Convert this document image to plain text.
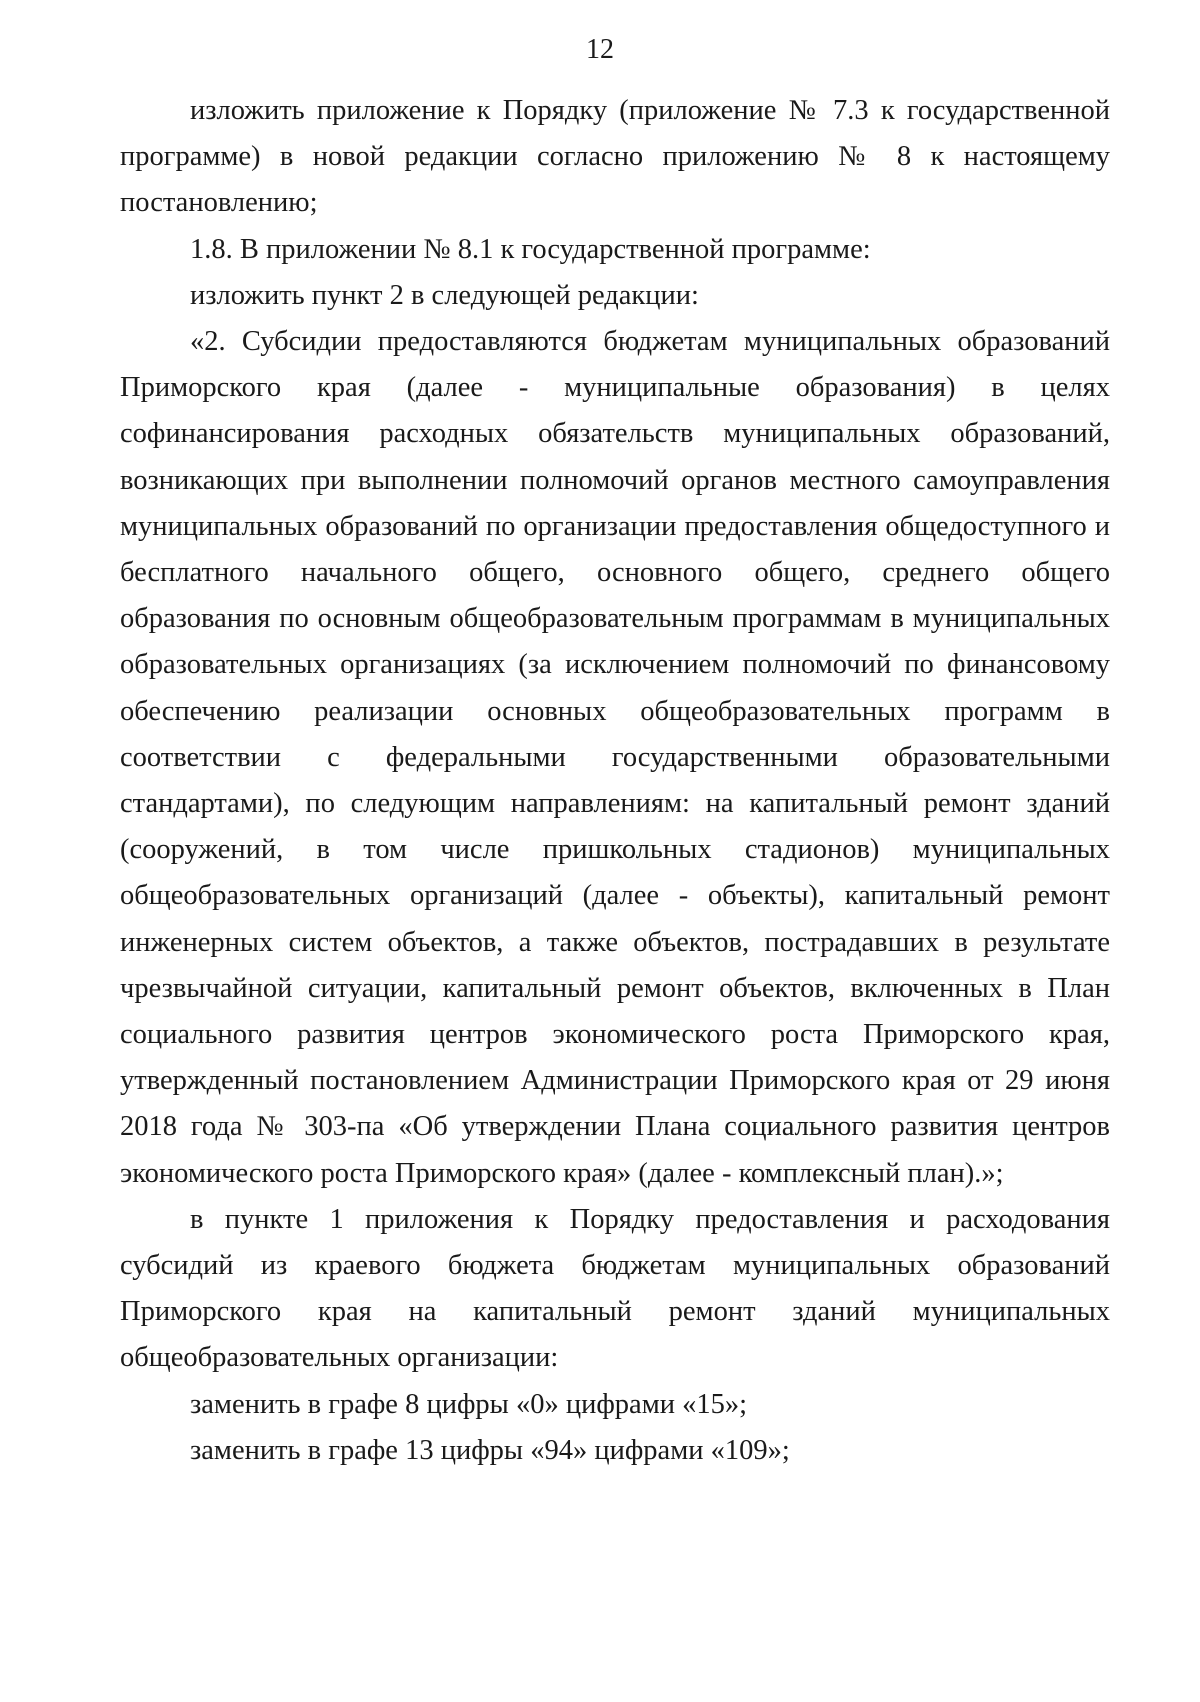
12

изложить приложение к Порядку (приложение № 7.3 к государственной программе) в новой редакции согласно приложению № 8 к настоящему постановлению;

1.8. В приложении № 8.1 к государственной программе:

изложить пункт 2 в следующей редакции:

«2. Субсидии предоставляются бюджетам муниципальных образований Приморского края (далее - муниципальные образования) в целях софинансирования расходных обязательств муниципальных образований, возникающих при выполнении полномочий органов местного самоуправления муниципальных образований по организации предоставления общедоступного и бесплатного начального общего, основного общего, среднего общего образования по основным общеобразовательным программам в муниципальных образовательных организациях (за исключением полномочий по финансовому обеспечению реализации основных общеобразовательных программ в соответствии с федеральными государственными образовательными стандартами), по следующим направлениям: на капитальный ремонт зданий (сооружений, в том числе пришкольных стадионов) муниципальных общеобразовательных организаций (далее - объекты), капитальный ремонт инженерных систем объектов, а также объектов, пострадавших в результате чрезвычайной ситуации, капитальный ремонт объектов, включенных в План социального развития центров экономического роста Приморского края, утвержденный постановлением Администрации Приморского края от 29 июня 2018 года № 303-па «Об утверждении Плана социального развития центров экономического роста Приморского края» (далее - комплексный план).»;

в пункте 1 приложения к Порядку предоставления и расходования субсидий из краевого бюджета бюджетам муниципальных образований Приморского края на капитальный ремонт зданий муниципальных общеобразовательных организации:

заменить в графе 8 цифры «0» цифрами «15»;

заменить в графе 13 цифры «94» цифрами «109»;
